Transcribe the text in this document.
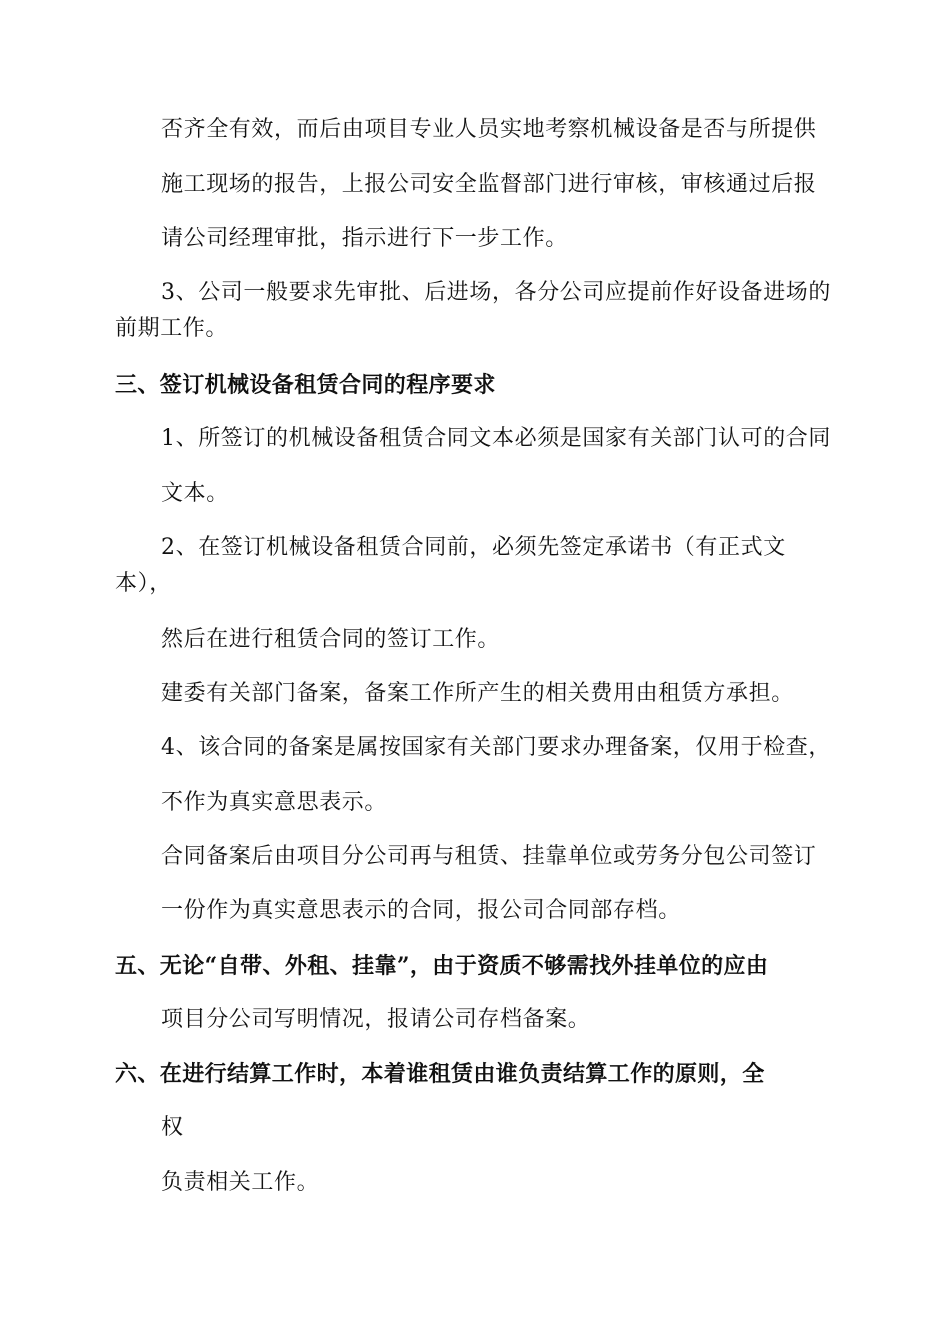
否齐全有效，而后由项目专业人员实地考察机械设备是否与所提供
施工现场的报告，上报公司安全监督部门进行审核，审核通过后报
请公司经理审批，指示进行下一步工作。
3、公司一般要求先审批、后进场，各分公司应提前作好设备进场的
前期工作。
三、签订机械设备租赁合同的程序要求
1、所签订的机械设备租赁合同文本必须是国家有关部门认可的合同
文本。
2、在签订机械设备租赁合同前，必须先签定承诺书（有正式文
本），
然后在进行租赁合同的签订工作。
建委有关部门备案，备案工作所产生的相关费用由租赁方承担。
4、该合同的备案是属按国家有关部门要求办理备案，仅用于检查，
不作为真实意思表示。
合同备案后由项目分公司再与租赁、挂靠单位或劳务分包公司签订
一份作为真实意思表示的合同，报公司合同部存档。
五、无论“自带、外租、挂靠”，由于资质不够需找外挂单位的应由
项目分公司写明情况，报请公司存档备案。
六、在进行结算工作时，本着谁租赁由谁负责结算工作的原则，全
权
负责相关工作。
